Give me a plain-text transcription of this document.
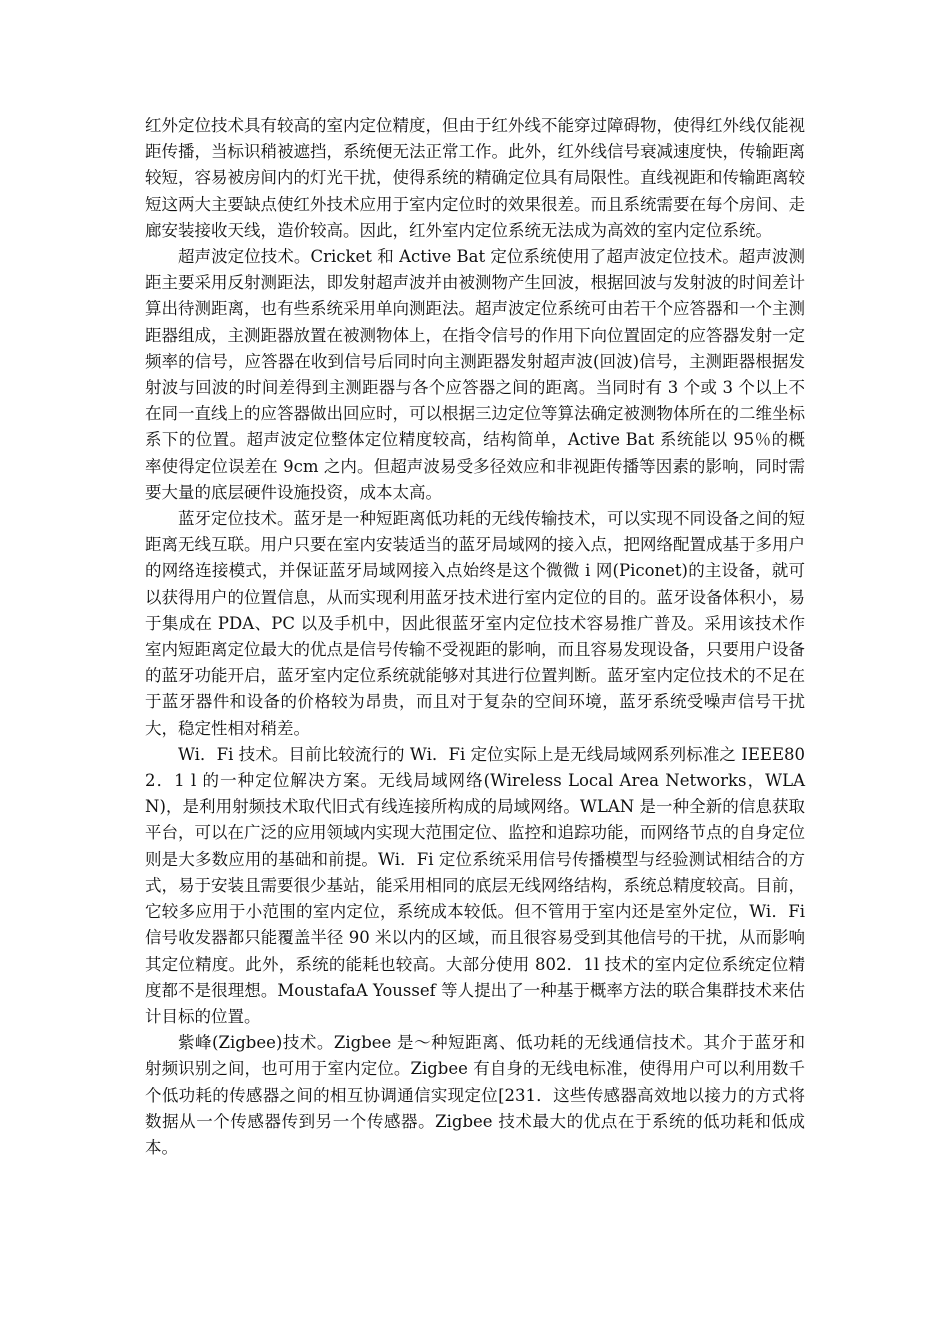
红外定位技术具有较高的室内定位精度，但由于红外线不能穿过障碍物，使得红外线仅能视距传播，当标识稍被遮挡，系统便无法正常工作。此外，红外线信号衰减速度快，传输距离较短，容易被房间内的灯光干扰，使得系统的精确定位具有局限性。直线视距和传输距离较短这两大主要缺点使红外技术应用于室内定位时的效果很差。而且系统需要在每个房间、走廊安装接收天线，造价较高。因此，红外室内定位系统无法成为高效的室内定位系统。

超声波定位技术。Cricket 和 Active Bat 定位系统使用了超声波定位技术。超声波测距主要采用反射测距法，即发射超声波并由被测物产生回波，根据回波与发射波的时间差计算出待测距离，也有些系统采用单向测距法。超声波定位系统可由若干个应答器和一个主测距器组成，主测距器放置在被测物体上，在指令信号的作用下向位置固定的应答器发射一定频率的信号，应答器在收到信号后同时向主测距器发射超声波(回波)信号，主测距器根据发射波与回波的时间差得到主测距器与各个应答器之间的距离。当同时有 3 个或 3 个以上不在同一直线上的应答器做出回应时，可以根据三边定位等算法确定被测物体所在的二维坐标系下的位置。超声波定位整体定位精度较高，结构简单，Active Bat 系统能以 95％的概率使得定位误差在 9cm 之内。但超声波易受多径效应和非视距传播等因素的影响，同时需要大量的底层硬件设施投资，成本太高。

蓝牙定位技术。蓝牙是一种短距离低功耗的无线传输技术，可以实现不同设备之间的短距离无线互联。用户只要在室内安装适当的蓝牙局域网的接入点，把网络配置成基于多用户的网络连接模式，并保证蓝牙局域网接入点始终是这个微微 i 网(Piconet)的主设备，就可以获得用户的位置信息，从而实现利用蓝牙技术进行室内定位的目的。蓝牙设备体积小，易于集成在 PDA、PC 以及手机中，因此很蓝牙室内定位技术容易推广普及。采用该技术作室内短距离定位最大的优点是信号传输不受视距的影响，而且容易发现设备，只要用户设备的蓝牙功能开启，蓝牙室内定位系统就能够对其进行位置判断。蓝牙室内定位技术的不足在于蓝牙器件和设备的价格较为昂贵，而且对于复杂的空间环境，蓝牙系统受噪声信号干扰大，稳定性相对稍差。

Wi．Fi 技术。目前比较流行的 Wi．Fi 定位实际上是无线局域网系列标准之 IEEE802．1 l 的一种定位解决方案。无线局域网络(Wireless Local Area Networks，WLAN)，是利用射频技术取代旧式有线连接所构成的局域网络。WLAN 是一种全新的信息获取平台，可以在广泛的应用领域内实现大范围定位、监控和追踪功能，而网络节点的自身定位则是大多数应用的基础和前提。Wi．Fi 定位系统采用信号传播模型与经验测试相结合的方式，易于安装且需要很少基站，能采用相同的底层无线网络结构，系统总精度较高。目前，它较多应用于小范围的室内定位，系统成本较低。但不管用于室内还是室外定位，Wi．Fi 信号收发器都只能覆盖半径 90 米以内的区域，而且很容易受到其他信号的干扰，从而影响其定位精度。此外，系统的能耗也较高。大部分使用 802．1l 技术的室内定位系统定位精度都不是很理想。MoustafaA Youssef 等人提出了一种基于概率方法的联合集群技术来估计目标的位置。

紫峰(Zigbee)技术。Zigbee 是～种短距离、低功耗的无线通信技术。其介于蓝牙和射频识别之间，也可用于室内定位。Zigbee 有自身的无线电标准，使得用户可以利用数千个低功耗的传感器之间的相互协调通信实现定位[231．这些传感器高效地以接力的方式将数据从一个传感器传到另一个传感器。Zigbee 技术最大的优点在于系统的低功耗和低成本。
